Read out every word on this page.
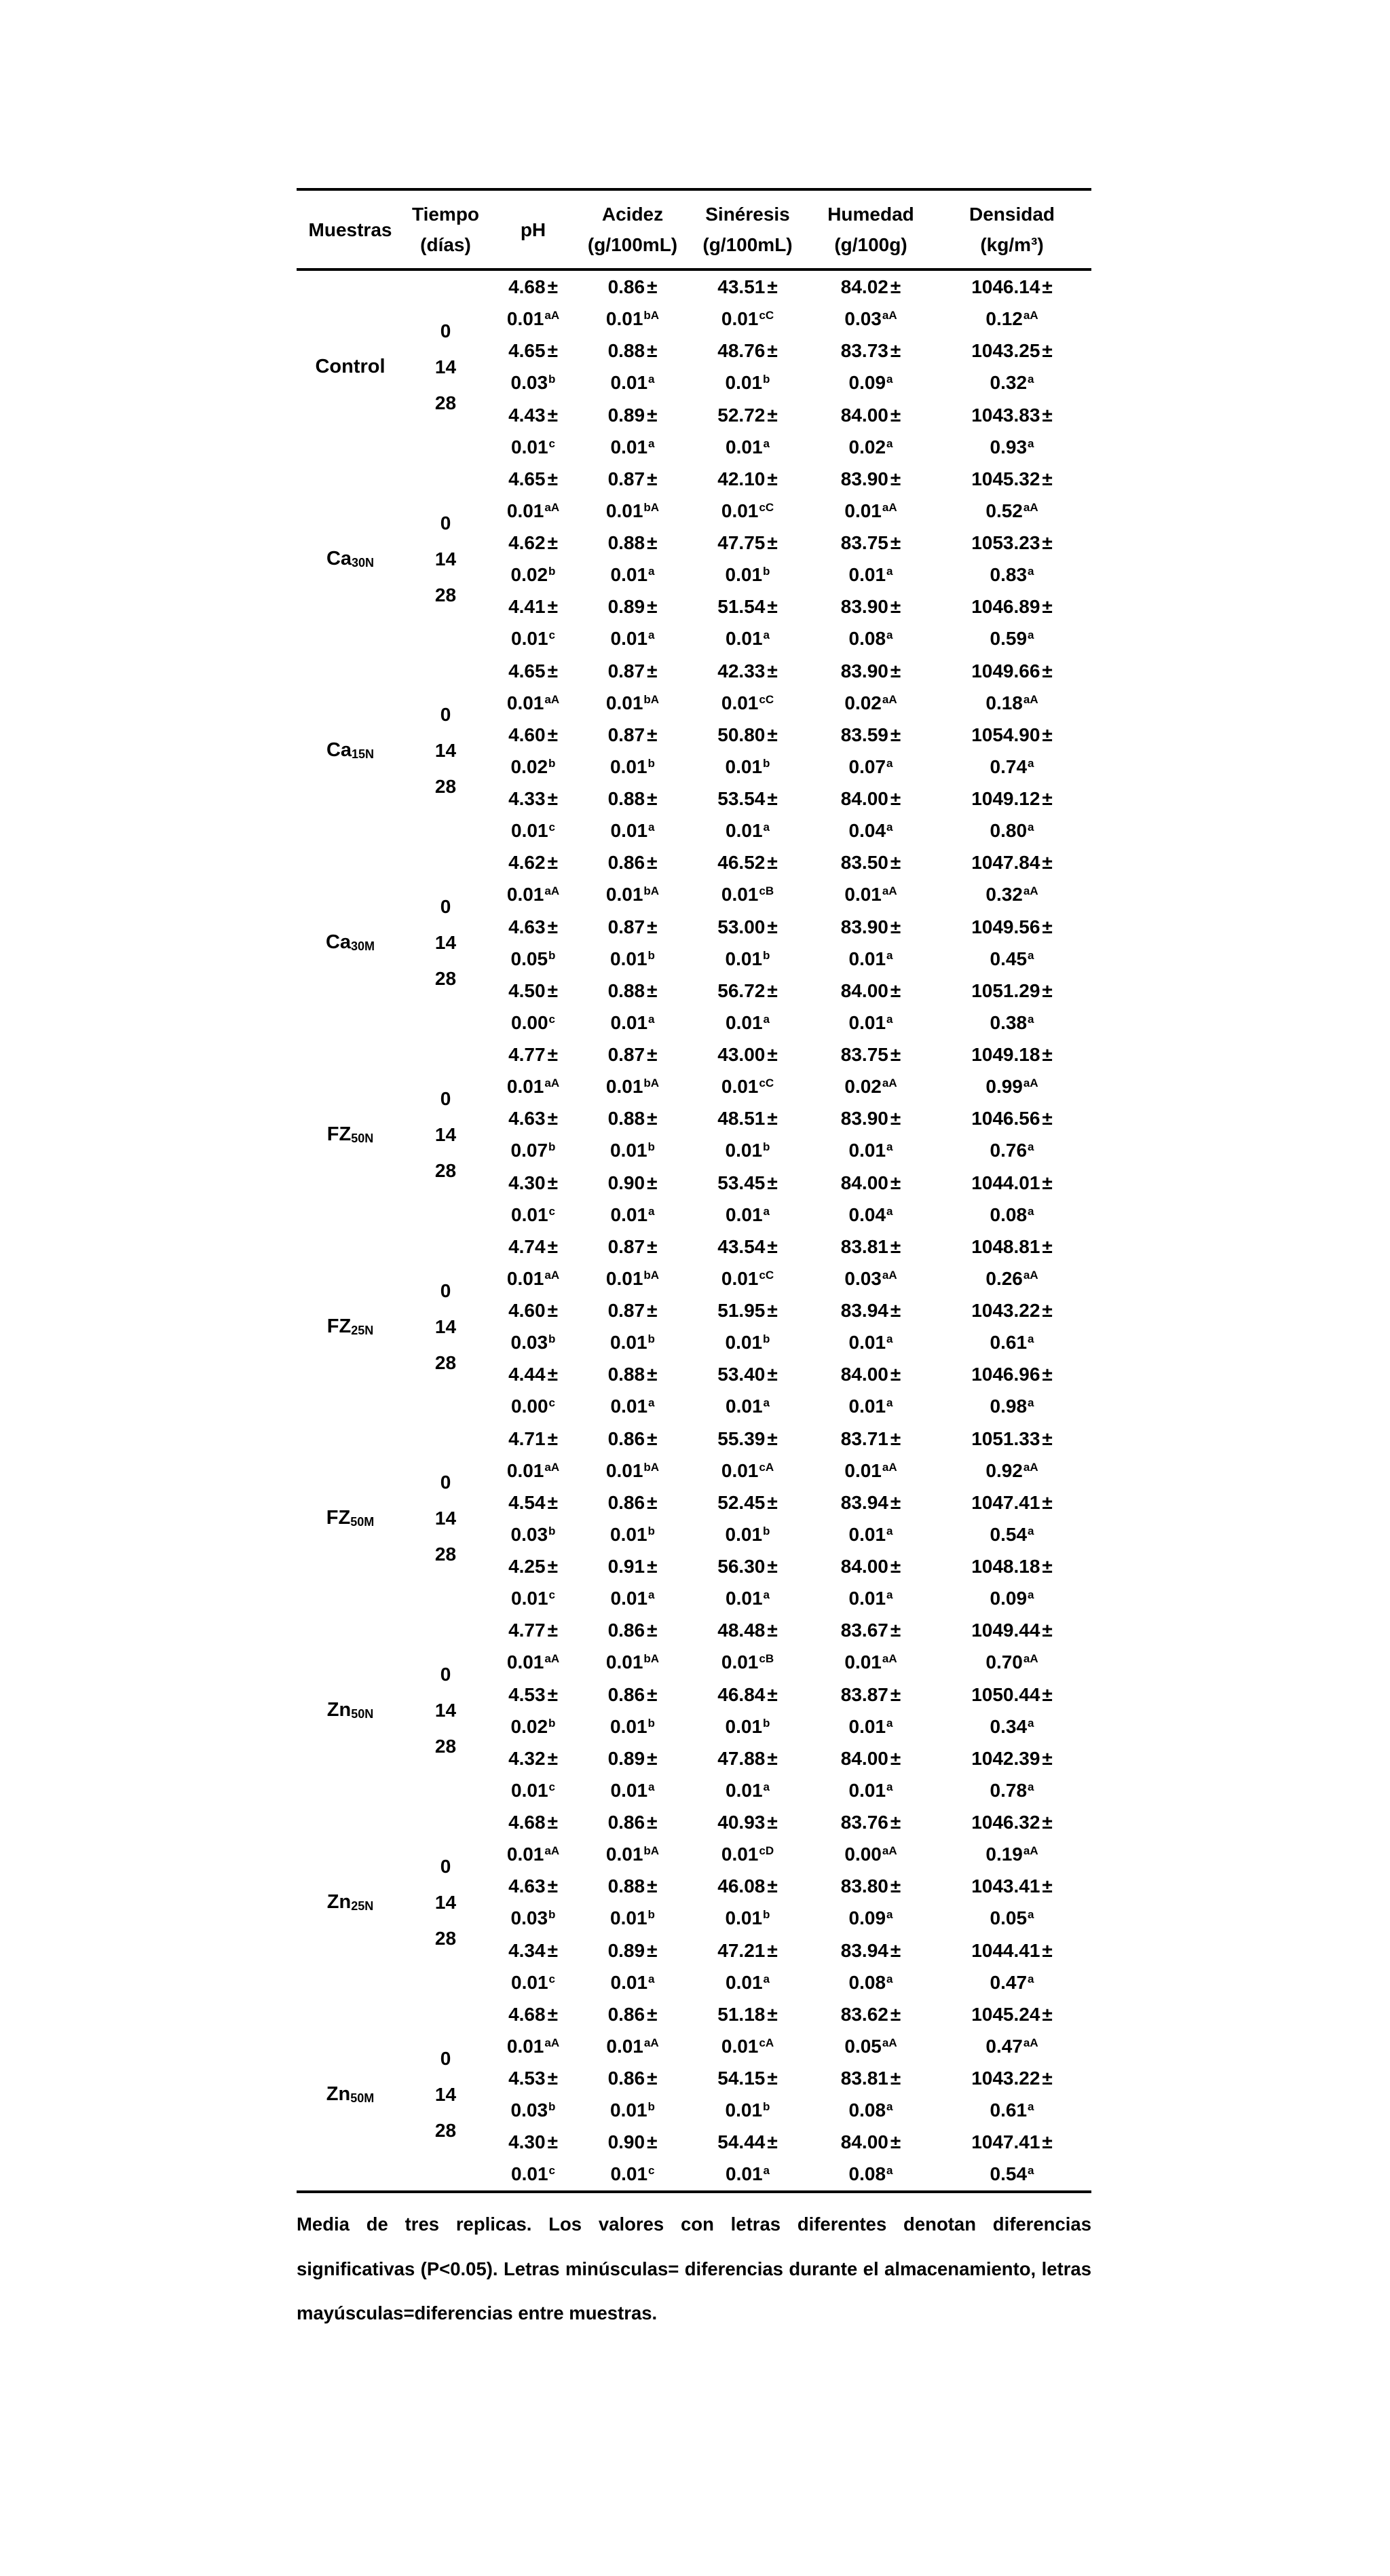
Muestras
Tiempo
(días)
pH
Acidez
(g/100mL)
Sinéresis
(g/100mL)
Humedad
(g/100g)
Densidad
(kg/m³)
Control
0
14
28
4.68 ±
$0.01^{aA}$
4.65 ±
0.03$^b$
4.43 ±
0.01$^c$
0.86 ±
$0.01^{bA}$
0.88 ±
0.01$^a$
0.89 ±
0.01$^a$
43.51 ±
$0.01^{cC}$
48.76 ±
0.01$^b$
52.72 ±
0.01$^a$
84.02 ±
$0.03^{aA}$
83.73 ±
0.09$^a$
84.00 ±
0.02$^a$
1046.14 ±
$0.12^{aA}$
1043.25 ±
0.32$^a$
1043.83 ±
0.93$^a$
Ca 30N
0
14
28
4.65 ±
$0.01^{aA}$
4.62 ±
0.02$^b$
4.41 ±
0.01$^c$
0.87 ±
$0.01^{bA}$
0.88 ±
0.01$^a$
0.89 ±
0.01$^a$
42.10 ±
$0.01^{cC}$
47.75 ±
0.01$^b$
51.54 ±
0.01$^a$
83.90 ±
$0.01^{aA}$
83.75 ±
0.01$^a$
83.90 ±
0.08$^a$
1045.32 ±
$0.52^{aA}$
1053.23 ±
0.83$^a$
1046.89 ±
0.59$^a$
Ca 15N
0
14
28
4.65 ±
$0.01^{aA}$
4.60 ±
0.02$^b$
4.33 ±
0.01$^c$
0.87 ±
$0.01^{bA}$
0.87 ±
0.01$^b$
0.88 ±
0.01$^a$
42.33 ±
$0.01^{cC}$
50.80 ±
0.01$^b$
53.54 ±
0.01$^a$
83.90 ±
$0.02^{aA}$
83.59 ±
0.07$^a$
84.00 ±
0.04$^a$
1049.66 ±
$0.18^{aA}$
1054.90 ±
0.74$^a$
1049.12 ±
0.80$^a$
Ca 30M
0
14
28
4.62 ±
$0.01^{aA}$
4.63 ±
0.05$^b$
4.50 ±
0.00$^c$
0.86 ±
$0.01^{bA}$
0.87 ±
0.01$^b$
0.88 ±
0.01$^a$
46.52 ±
$0.01^{cB}$
53.00 ±
0.01$^b$
56.72 ±
0.01$^a$
83.50 ±
$0.01^{aA}$
83.90 ±
0.01$^a$
84.00 ±
0.01$^a$
1047.84 ±
$0.32^{aA}$
1049.56 ±
0.45$^a$
1051.29 ±
0.38$^a$
FZ 50N
0
14
28
4.77 ±
$0.01^{aA}$
4.63 ±
0.07$^b$
4.30 ±
0.01$^c$
0.87 ±
$0.01^{bA}$
0.88 ±
0.01$^b$
0.90 ±
0.01$^a$
43.00 ±
$0.01^{cC}$
48.51 ±
0.01$^b$
53.45 ±
0.01$^a$
83.75 ±
$0.02^{aA}$
83.90 ±
0.01$^a$
84.00 ±
0.04$^a$
1049.18 ±
$0.99^{aA}$
1046.56 ±
0.76$^a$
1044.01 ±
0.08$^a$
FZ 25N
0
14
28
4.74 ±
$0.01^{aA}$
4.60 ±
0.03$^b$
4.44 ±
0.00$^c$
0.87 ±
$0.01^{bA}$
0.87 ±
0.01$^b$
0.88 ±
0.01$^a$
43.54 ±
$0.01^{cC}$
51.95 ±
0.01$^b$
53.40 ±
0.01$^a$
83.81 ±
$0.03^{aA}$
83.94 ±
0.01$^a$
84.00 ±
0.01$^a$
1048.81 ±
$0.26^{aA}$
1043.22 ±
0.61$^a$
1046.96 ±
0.98$^a$
FZ 50M
0
14
28
4.71 ±
$0.01^{aA}$
4.54 ±
0.03$^b$
4.25 ±
0.01$^c$
0.86 ±
$0.01^{bA}$
0.86 ±
0.01$^b$
0.91 ±
0.01$^a$
55.39 ±
$0.01^{cA}$
52.45 ±
0.01$^b$
56.30 ±
0.01$^a$
83.71 ±
$0.01^{aA}$
83.94 ±
0.01$^a$
84.00 ±
0.01$^a$
1051.33 ±
$0.92^{aA}$
1047.41 ±
0.54$^a$
1048.18 ±
0.09$^a$
Zn 50N
0
14
28
4.77 ±
$0.01^{aA}$
4.53 ±
0.02$^b$
4.32 ±
0.01$^c$
0.86 ±
$0.01^{bA}$
0.86 ±
0.01$^b$
0.89 ±
0.01$^a$
48.48 ±
$0.01^{cB}$
46.84 ±
0.01$^b$
47.88 ±
0.01$^a$
83.67 ±
$0.01^{aA}$
83.87 ±
0.01$^a$
84.00 ±
0.01$^a$
1049.44 ±
$0.70^{aA}$
1050.44 ±
0.34$^a$
1042.39 ±
0.78$^a$
Zn 25N
0
14
28
4.68 ±
$0.01^{aA}$
4.63 ±
0.03$^b$
4.34 ±
0.01$^c$
0.86 ±
$0.01^{bA}$
0.88 ±
0.01$^b$
0.89 ±
0.01$^a$
40.93 ±
$0.01^{cD}$
46.08 ±
0.01$^b$
47.21 ±
0.01$^a$
83.76 ±
$0.00^{aA}$
83.80 ±
0.09$^a$
83.94 ±
0.08$^a$
1046.32 ±
$0.19^{aA}$
1043.41 ±
0.05$^a$
1044.41 ±
0.47$^a$
Zn 50M
0
14
28
4.68 ±
$0.01^{aA}$
4.53 ±
0.03$^b$
4.30 ±
0.01$^c$
0.86 ±
$0.01^{aA}$
0.86 ±
0.01$^b$
0.90 ±
0.01$^c$
51.18 ±
$0.01^{cA}$
54.15 ±
0.01$^b$
54.44 ±
0.01$^a$
83.62 ±
$0.05^{aA}$
83.81 ±
0.08$^a$
84.00 ±
0.08$^a$
1045.24 ±
$0.47^{aA}$
1043.22 ±
0.61$^a$
1047.41 ±
0.54$^a$

Media de tres replicas. Los valores con letras diferentes denotan diferencias significativas (P<0.05). Letras minúsculas= diferencias durante el almacenamiento, letras mayúsculas=diferencias entre muestras.
